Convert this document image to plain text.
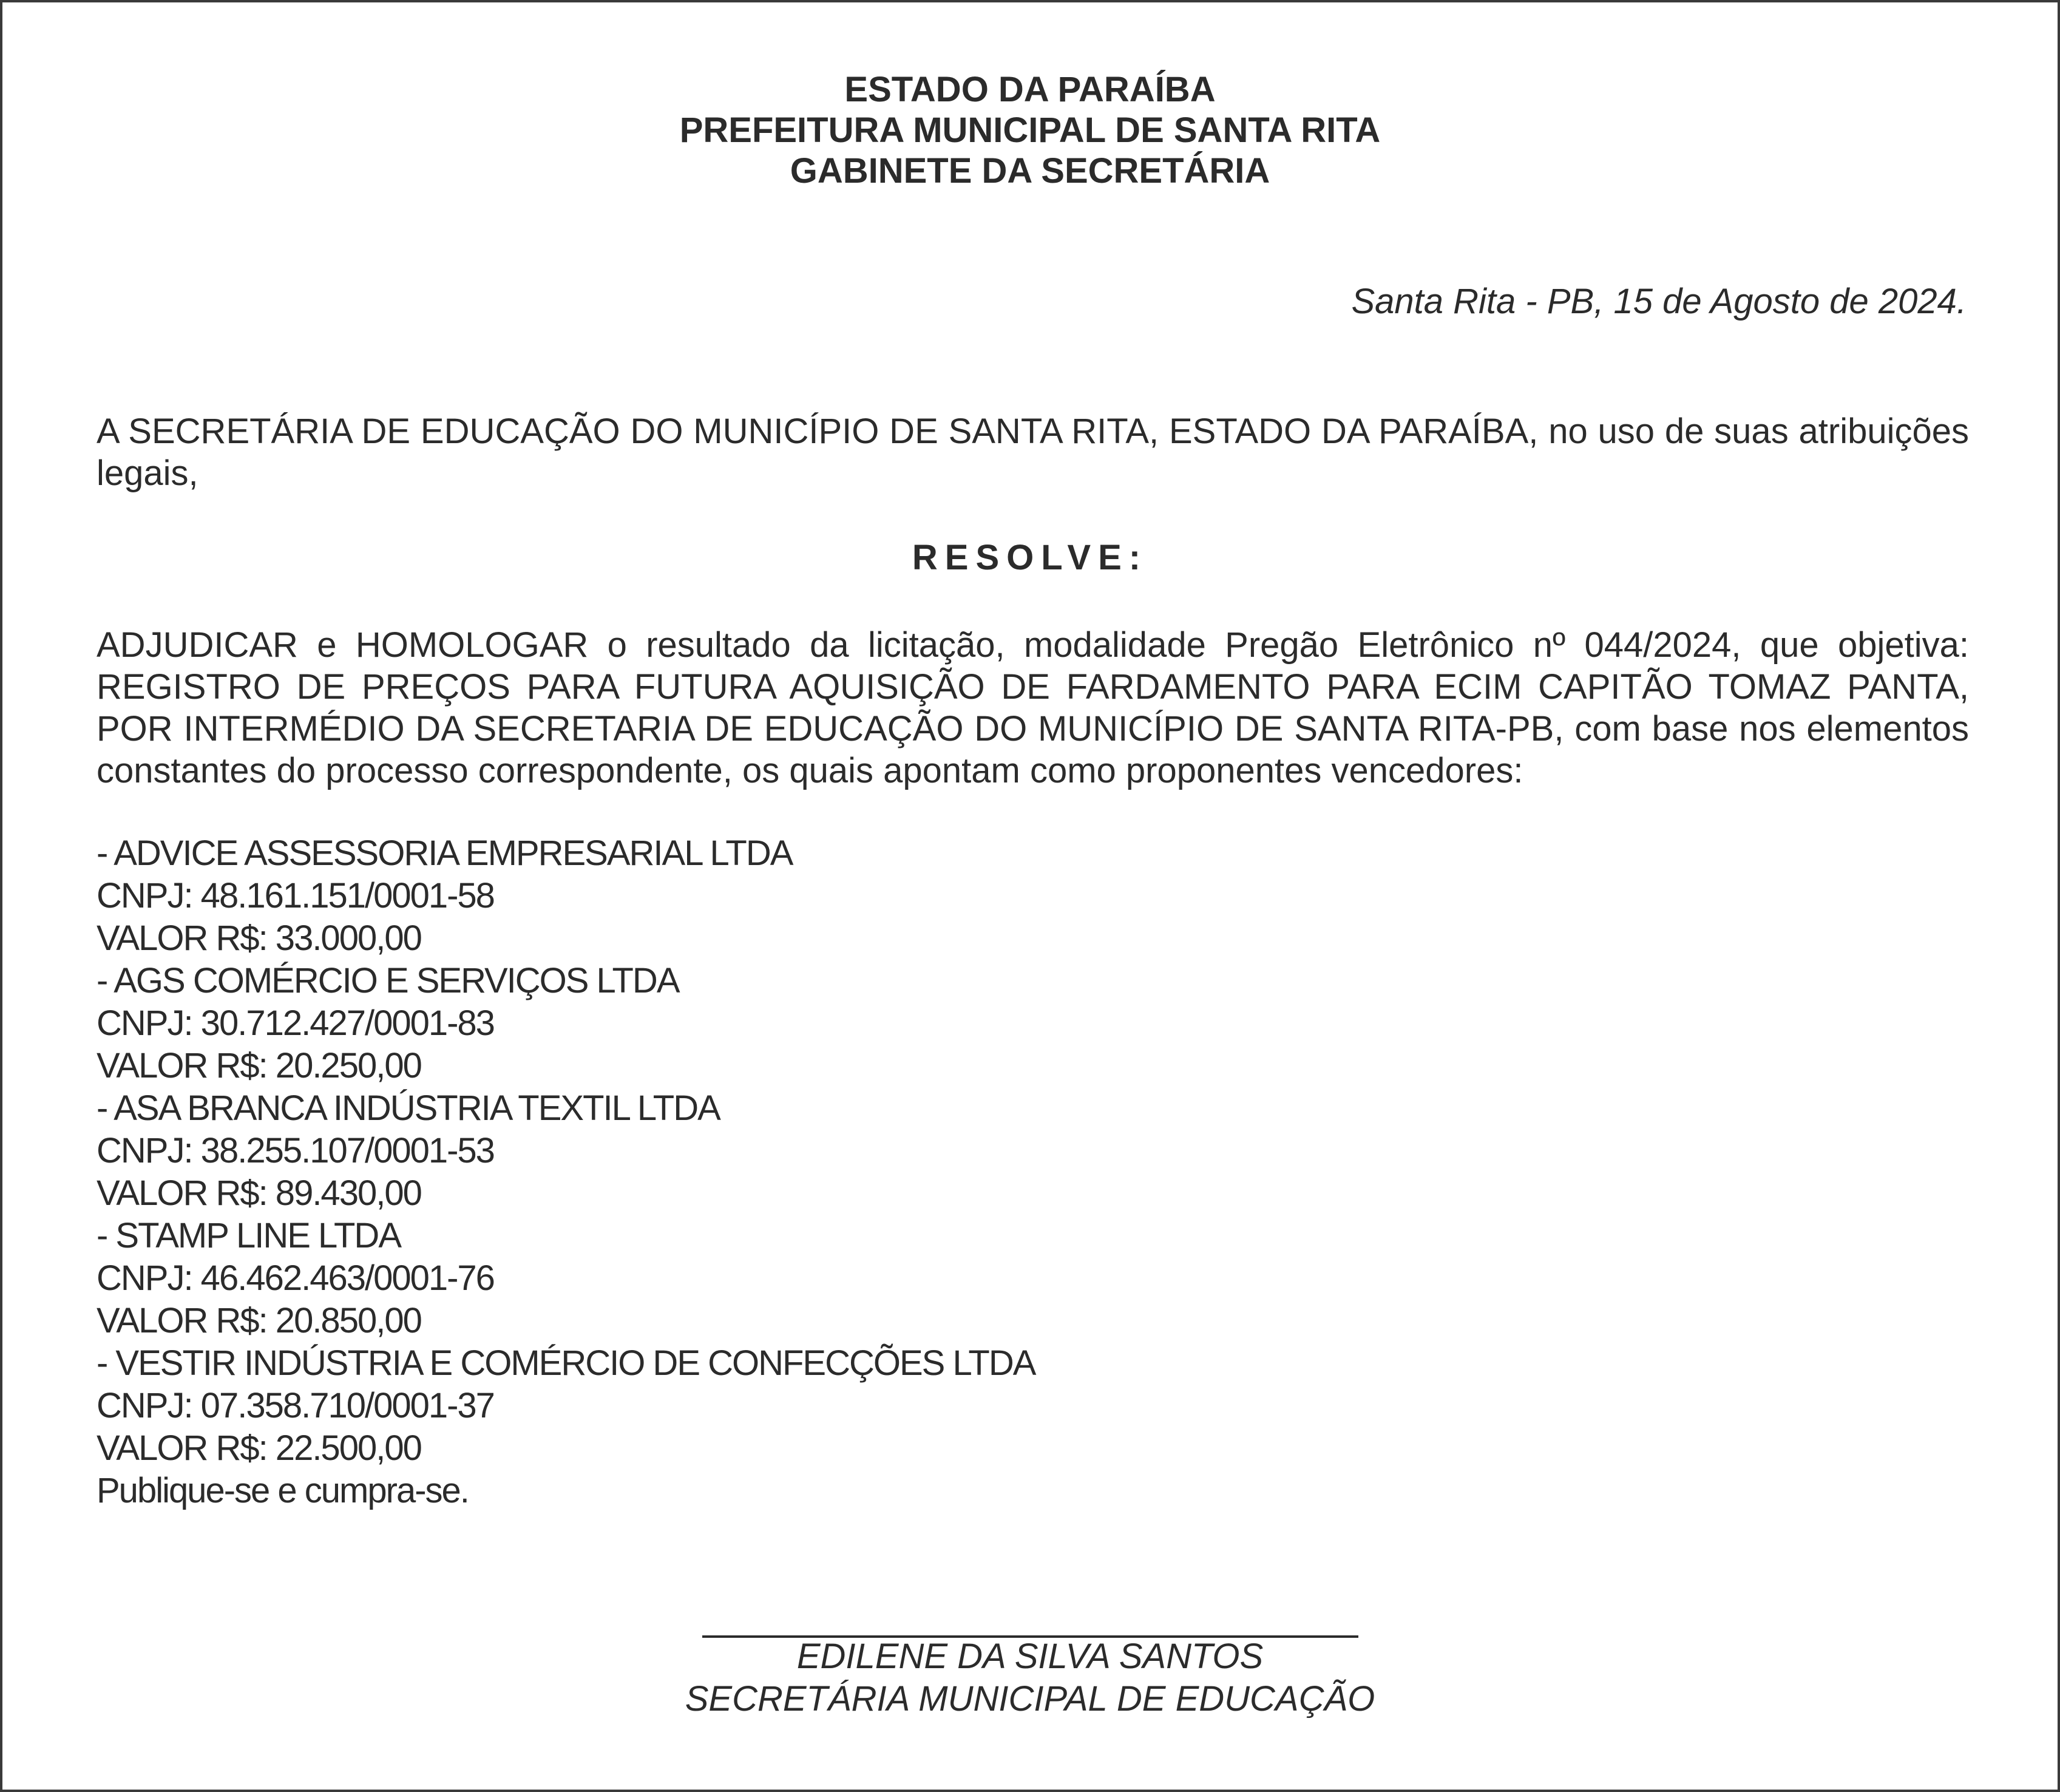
ESTADO DA PARAÍBA
PREFEITURA MUNICIPAL DE SANTA RITA
GABINETE DA SECRETÁRIA
Santa Rita - PB, 15 de Agosto de 2024.
A SECRETÁRIA DE EDUCAÇÃO DO MUNICÍPIO DE SANTA RITA, ESTADO DA PARAÍBA, no uso de suas atribuições legais,
RESOLVE:
ADJUDICAR e HOMOLOGAR o resultado da licitação, modalidade Pregão Eletrônico nº 044/2024, que objetiva: REGISTRO DE PREÇOS PARA FUTURA AQUISIÇÃO DE FARDAMENTO PARA ECIM CAPITÃO TOMAZ PANTA, POR INTERMÉDIO DA SECRETARIA DE EDUCAÇÃO DO MUNICÍPIO DE SANTA RITA-PB, com base nos elementos constantes do processo correspondente, os quais apontam como proponentes vencedores:
- ADVICE ASSESSORIA EMPRESARIAL LTDA
CNPJ: 48.161.151/0001-58
VALOR R$: 33.000,00
- AGS COMÉRCIO E SERVIÇOS LTDA
CNPJ: 30.712.427/0001-83
VALOR R$: 20.250,00
- ASA BRANCA INDÚSTRIA TEXTIL LTDA
CNPJ: 38.255.107/0001-53
VALOR R$: 89.430,00
- STAMP LINE LTDA
CNPJ: 46.462.463/0001-76
VALOR R$: 20.850,00
- VESTIR INDÚSTRIA E COMÉRCIO DE CONFECÇÕES LTDA
CNPJ: 07.358.710/0001-37
VALOR R$: 22.500,00
Publique-se e cumpra-se.
EDILENE DA SILVA SANTOS
SECRETÁRIA MUNICIPAL DE EDUCAÇÃO
